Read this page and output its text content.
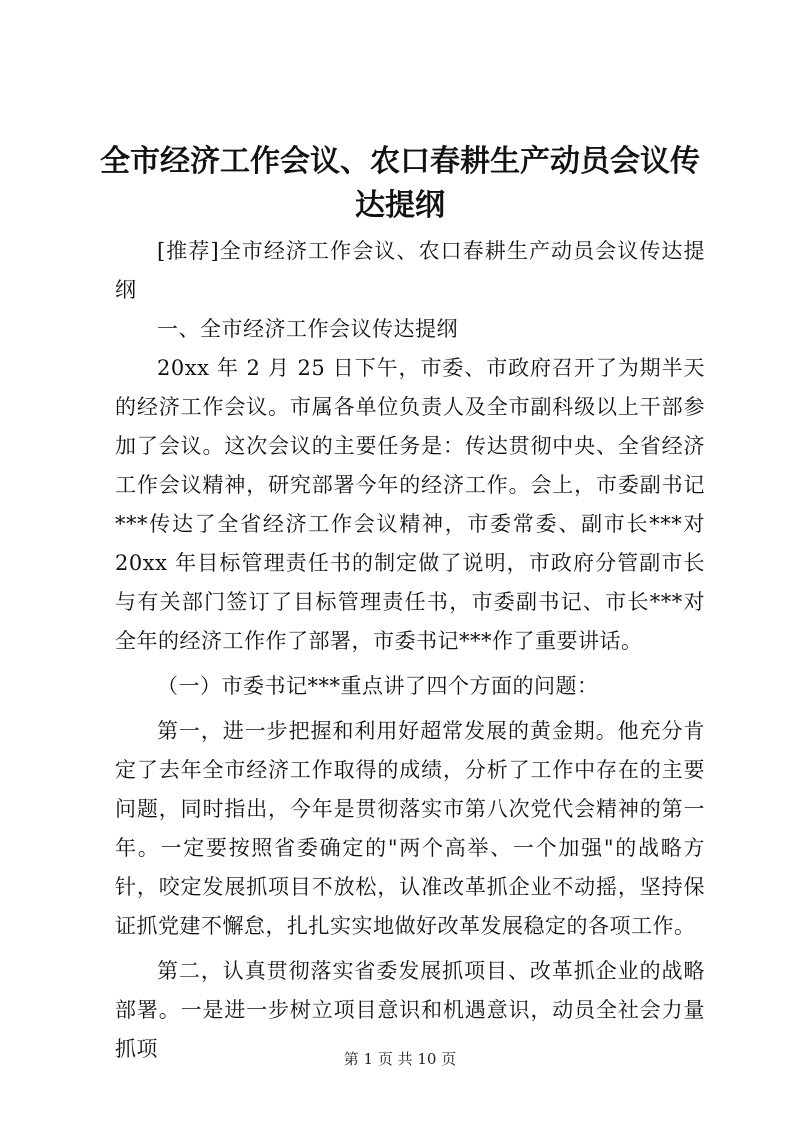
全市经济工作会议、农口春耕生产动员会议传达提纲

[推荐]全市经济工作会议、农口春耕生产动员会议传达提纲

一、全市经济工作会议传达提纲

20xx 年 2 月 25 日下午，市委、市政府召开了为期半天的经济工作会议。市属各单位负责人及全市副科级以上干部参加了会议。这次会议的主要任务是：传达贯彻中央、全省经济工作会议精神，研究部署今年的经济工作。会上，市委副书记***传达了全省经济工作会议精神，市委常委、副市长***对 20xx 年目标管理责任书的制定做了说明，市政府分管副市长与有关部门签订了目标管理责任书，市委副书记、市长***对全年的经济工作作了部署，市委书记***作了重要讲话。

（一）市委书记***重点讲了四个方面的问题：

第一，进一步把握和利用好超常发展的黄金期。他充分肯定了去年全市经济工作取得的成绩，分析了工作中存在的主要问题，同时指出，今年是贯彻落实市第八次党代会精神的第一年。一定要按照省委确定的"两个高举、一个加强"的战略方针，咬定发展抓项目不放松，认准改革抓企业不动摇，坚持保证抓党建不懈怠，扎扎实实地做好改革发展稳定的各项工作。

第二，认真贯彻落实省委发展抓项目、改革抓企业的战略部署。一是进一步树立项目意识和机遇意识，动员全社会力量抓项	第 1 页 共 10 页
